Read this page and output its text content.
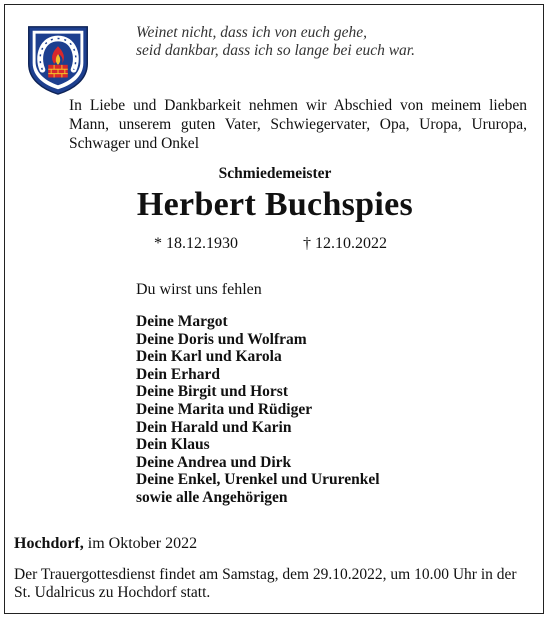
Weinet nicht, dass ich von euch gehe,
seid dankbar, dass ich so lange bei euch war.
In Liebe und Dankbarkeit nehmen wir Abschied von meinem lieben Mann, unserem guten Vater, Schwiegervater, Opa, Uropa, Ururopa, Schwager und Onkel
Schmiedemeister
Herbert Buchspies
* 18.12.1930	† 12.10.2022
Du wirst uns fehlen
Deine Margot
Deine Doris und Wolfram
Dein Karl und Karola
Dein Erhard
Deine Birgit und Horst
Deine Marita und Rüdiger
Dein Harald und Karin
Dein Klaus
Deine Andrea und Dirk
Deine Enkel, Urenkel und Ururenkel
sowie alle Angehörigen
Hochdorf, im Oktober 2022
Der Trauergottesdienst findet am Samstag, dem 29.10.2022, um 10.00 Uhr in der St. Udalricus zu Hochdorf statt.
